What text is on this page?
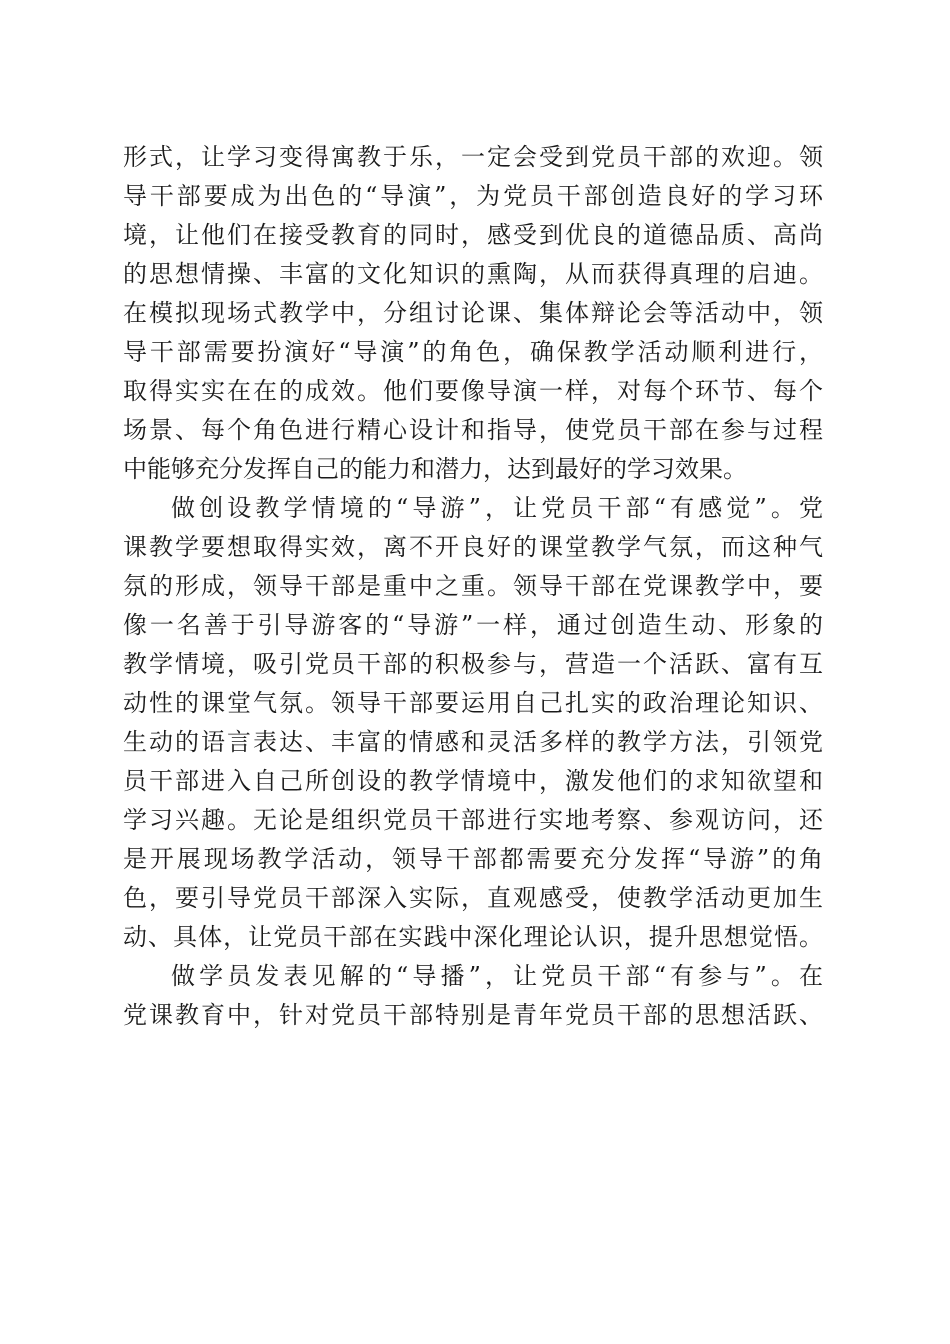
形式，让学习变得寓教于乐，一定会受到党员干部的欢迎。领
导干部要成为出色的“导演”，为党员干部创造良好的学习环
境，让他们在接受教育的同时，感受到优良的道德品质、高尚
的思想情操、丰富的文化知识的熏陶，从而获得真理的启迪。
在模拟现场式教学中，分组讨论课、集体辩论会等活动中，领
导干部需要扮演好“导演”的角色，确保教学活动顺利进行，
取得实实在在的成效。他们要像导演一样，对每个环节、每个
场景、每个角色进行精心设计和指导，使党员干部在参与过程
中能够充分发挥自己的能力和潜力，达到最好的学习效果。
做创设教学情境的“导游”，让党员干部“有感觉”。党
课教学要想取得实效，离不开良好的课堂教学气氛，而这种气
氛的形成，领导干部是重中之重。领导干部在党课教学中，要
像一名善于引导游客的“导游”一样，通过创造生动、形象的
教学情境，吸引党员干部的积极参与，营造一个活跃、富有互
动性的课堂气氛。领导干部要运用自己扎实的政治理论知识、
生动的语言表达、丰富的情感和灵活多样的教学方法，引领党
员干部进入自己所创设的教学情境中，激发他们的求知欲望和
学习兴趣。无论是组织党员干部进行实地考察、参观访问，还
是开展现场教学活动，领导干部都需要充分发挥“导游”的角
色，要引导党员干部深入实际，直观感受，使教学活动更加生
动、具体，让党员干部在实践中深化理论认识，提升思想觉悟。
做学员发表见解的“导播”，让党员干部“有参与”。在
党课教育中，针对党员干部特别是青年党员干部的思想活跃、
